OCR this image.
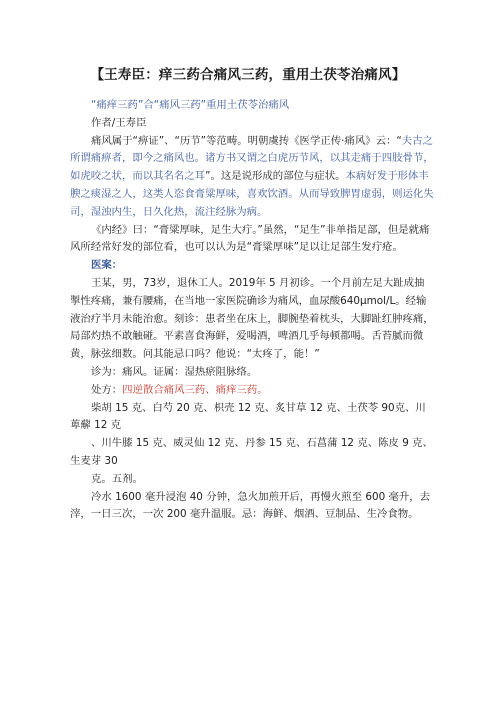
【王寿臣：痒三药合痛风三药，重用土茯苓治痛风】

“痛痒三药”合“痛风三药”重用土茯苓治痛风

作者/王寿臣

痛风属于“痹证”、“历节”等范畴。明朝虞抟《医学正传·痛风》云：“夫古之所谓痛痹者，即今之痛风也。诸方书又谓之白虎历节风，以其走痛于四肢骨节，如虎咬之状，而以其名名之耳”。这是说形成的部位与症状。本病好发于形体丰腴之痰湿之人，这类人恣食膏粱厚味，喜欢饮酒。从而导致脾胃虚弱，则运化失司，湿浊内生，日久化热，流注经脉为病。

《内经》曰：“膏粱厚味，足生大疔。”虽然，“足生”非单指足部，但是就痛风所经常好发的部位看，也可以认为是“膏粱厚味”足以让足部生发疔疮。

医案：

王某，男，73岁，退休工人。2019年 5 月初诊。一个月前左足大趾成抽掣性疼痛，兼有腰痛，在当地一家医院确诊为痛风，血尿酸640μmol/L。经输液治疗半月未能治愈。刻诊：患者坐在床上，脚腕垫着枕头，大脚趾红肿疼痛，局部灼热不敢触碰。平素喜食海鲜，爱喝酒，啤酒几乎每顿都喝。舌苔腻而微黄，脉弦细数。问其能忌口吗？他说：“太疼了，能！”

诊为：痛风。证属：湿热瘀阻脉络。

处方：四逆散合痛风三药、痛痒三药。

柴胡 15 克、白芍 20 克、枳壳 12 克、炙甘草 12 克、土茯苓 90克、川萆薢 12 克

、川牛膝 15 克、威灵仙 12 克、丹参 15 克、石菖蒲 12 克、陈皮 9 克、生麦芽 30

克。五剂。

冷水 1600 毫升浸泡 40 分钟，急火加煎开后，再慢火煎至 600 毫升，去滓，一日三次，一次 200 毫升温服。忌：海鲜、烟酒、豆制品、生冷食物。
